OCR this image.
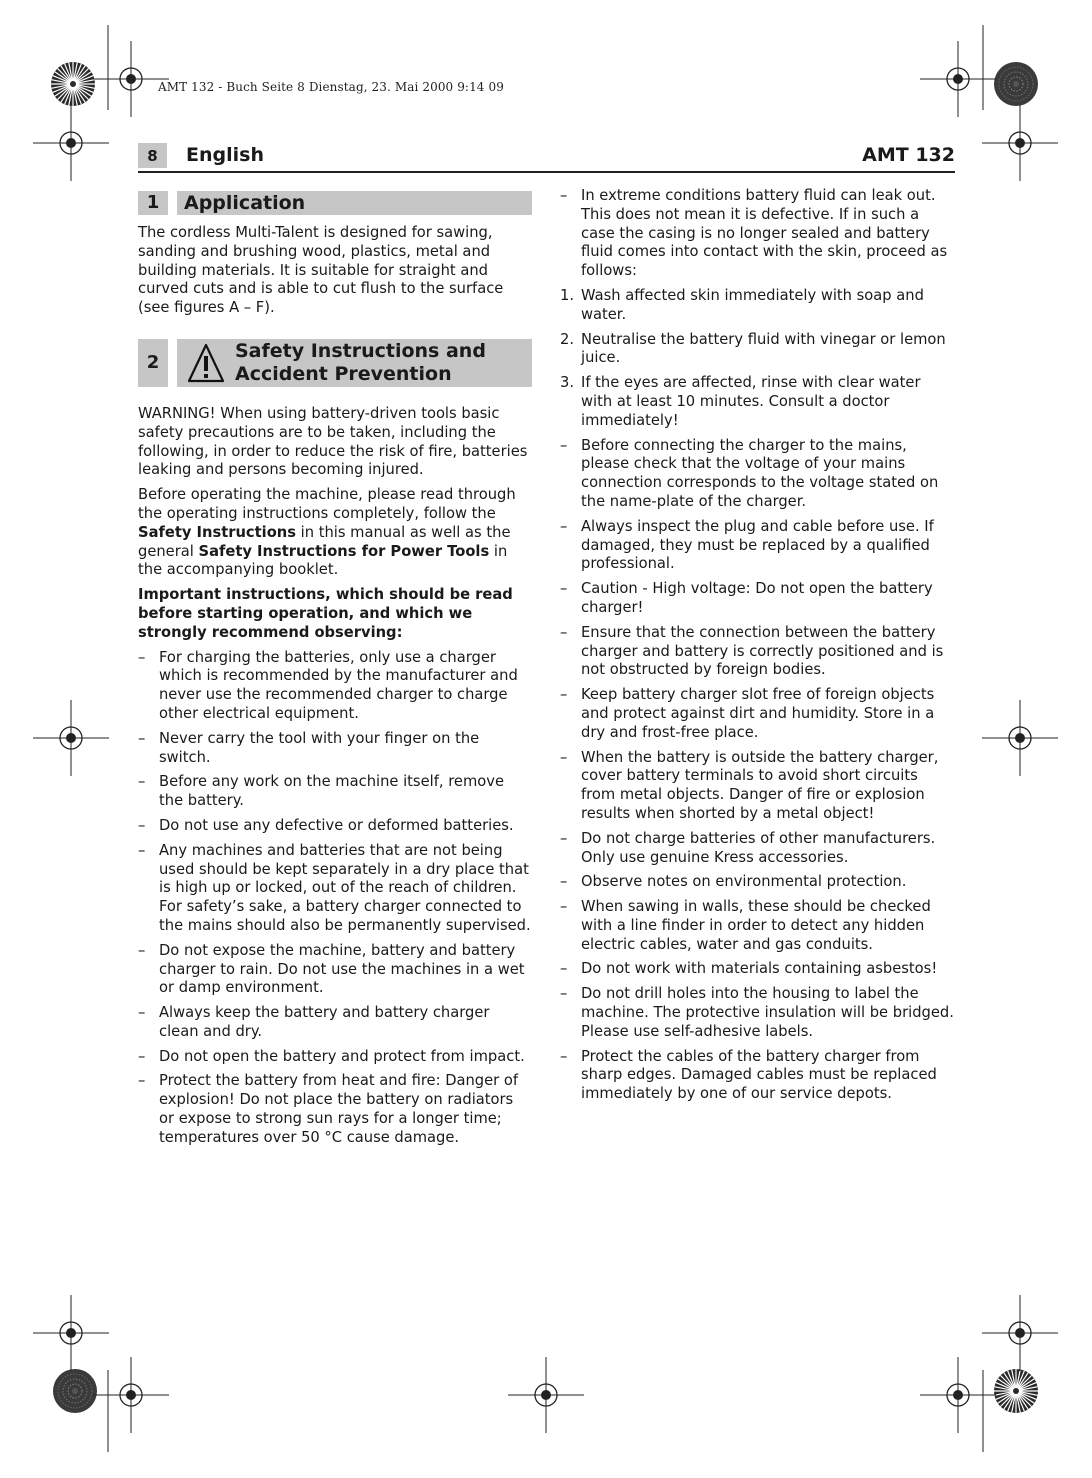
AMT 132 - Buch Seite 8 Dienstag, 23. Mai 2000 9:14 09
8	English	AMT 132
1	Application

The cordless Multi-Talent is designed for sawing, sanding and brushing wood, plastics, metal and building materials. It is suitable for straight and curved cuts and is able to cut flush to the surface (see figures A – F).

2
Safety Instructions and
Accident Prevention

WARNING! When using battery-driven tools basic safety precautions are to be taken, including the following, in order to reduce the risk of fire, batteries leaking and persons becoming injured.

Before operating the machine, please read through the operating instructions completely, follow the Safety Instructions in this manual as well as the general Safety Instructions for Power Tools in the accompanying booklet.

Important instructions, which should be read before starting operation, and which we strongly recommend observing:

– For charging the batteries, only use a charger which is recommended by the manufacturer and never use the recommended charger to charge other electrical equipment.
– Never carry the tool with your finger on the switch.
– Before any work on the machine itself, remove the battery.
– Do not use any defective or deformed batteries.
– Any machines and batteries that are not being used should be kept separately in a dry place that is high up or locked, out of the reach of children. For safety’s sake, a battery charger connected to the mains should also be permanently supervised.
– Do not expose the machine, battery and battery charger to rain. Do not use the machines in a wet or damp environment.
– Always keep the battery and battery charger clean and dry.
– Do not open the battery and protect from impact.
– Protect the battery from heat and fire: Danger of explosion! Do not place the battery on radiators or expose to strong sun rays for a longer time; temperatures over 50 °C cause damage.
– In extreme conditions battery fluid can leak out. This does not mean it is defective. If in such a case the casing is no longer sealed and battery fluid comes into contact with the skin, proceed as follows:
1. Wash affected skin immediately with soap and water.
2. Neutralise the battery fluid with vinegar or lemon juice.
3. If the eyes are affected, rinse with clear water with at least 10 minutes. Consult a doctor immediately!
– Before connecting the charger to the mains, please check that the voltage of your mains connection corresponds to the voltage stated on the name-plate of the charger.
– Always inspect the plug and cable before use. If damaged, they must be replaced by a qualified professional.
– Caution - High voltage: Do not open the battery charger!
– Ensure that the connection between the battery charger and battery is correctly positioned and is not obstructed by foreign bodies.
– Keep battery charger slot free of foreign objects and protect against dirt and humidity. Store in a dry and frost-free place.
– When the battery is outside the battery charger, cover battery terminals to avoid short circuits from metal objects. Danger of fire or explosion results when shorted by a metal object!
– Do not charge batteries of other manufacturers. Only use genuine Kress accessories.
– Observe notes on environmental protection.
– When sawing in walls, these should be checked with a line finder in order to detect any hidden electric cables, water and gas conduits.
– Do not work with materials containing asbestos!
– Do not drill holes into the housing to label the machine. The protective insulation will be bridged. Please use self-adhesive labels.
– Protect the cables of the battery charger from sharp edges. Damaged cables must be replaced immediately by one of our service depots.
